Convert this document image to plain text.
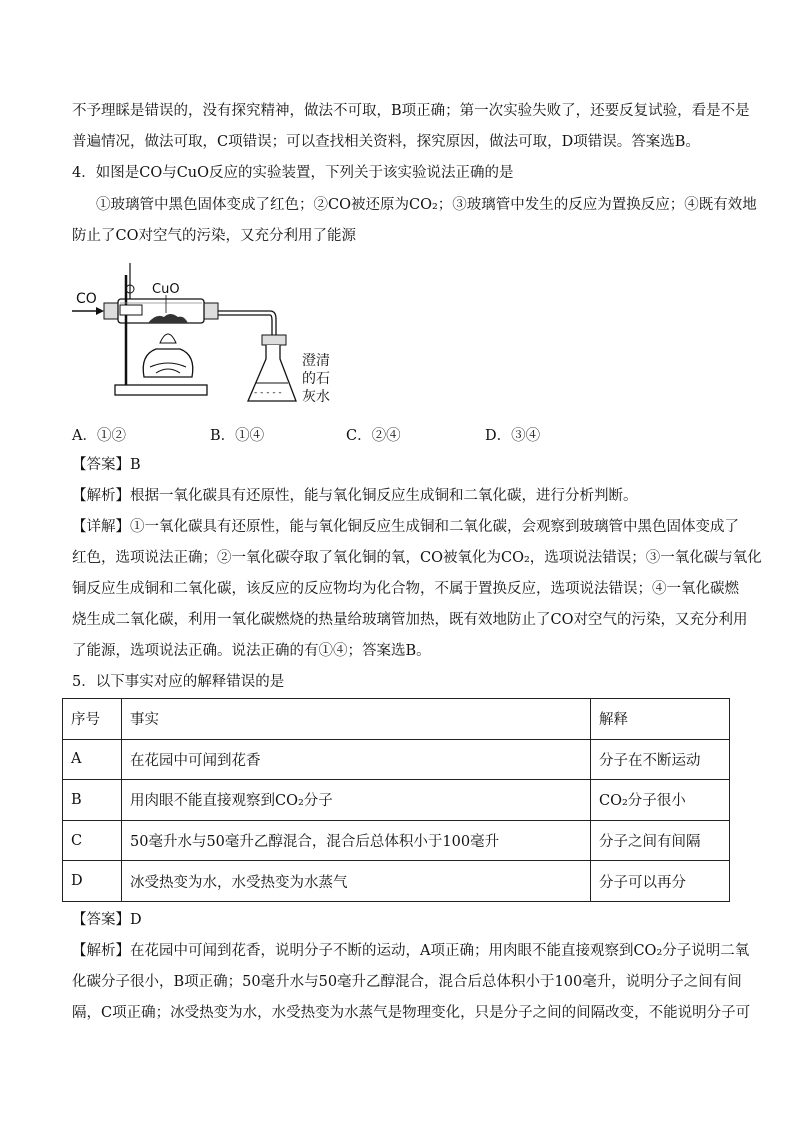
不予理睬是错误的，没有探究精神，做法不可取，B项正确；第一次实验失败了，还要反复试验，看是不是
普遍情况，做法可取，C项错误；可以查找相关资料，探究原因，做法可取，D项错误。答案选B。
4．如图是CO与CuO反应的实验装置，下列关于该实验说法正确的是
①玻璃管中黑色固体变成了红色；②CO被还原为CO₂；③玻璃管中发生的反应为置换反应；④既有效地
防止了CO对空气的污染，又充分利用了能源
CO
CuO
- - - - -
澄清
的石
灰水
A．①②	B．①④	C．②④	D．③④
【答案】B
【解析】根据一氧化碳具有还原性，能与氧化铜反应生成铜和二氧化碳，进行分析判断。
【详解】①一氧化碳具有还原性，能与氧化铜反应生成铜和二氧化碳，会观察到玻璃管中黑色固体变成了
红色，选项说法正确；②一氧化碳夺取了氧化铜的氧，CO被氧化为CO₂，选项说法错误；③一氧化碳与氧化
铜反应生成铜和二氧化碳，该反应的反应物均为化合物，不属于置换反应，选项说法错误；④一氧化碳燃
烧生成二氧化碳，利用一氧化碳燃烧的热量给玻璃管加热，既有效地防止了CO对空气的污染，又充分利用
了能源，选项说法正确。说法正确的有①④；答案选B。
5．以下事实对应的解释错误的是
序号	事实	解释
A	在花园中可闻到花香	分子在不断运动
B	用肉眼不能直接观察到CO₂分子	CO₂分子很小
C	50毫升水与50毫升乙醇混合，混合后总体积小于100毫升	分子之间有间隔
D	冰受热变为水，水受热变为水蒸气	分子可以再分
【答案】D
【解析】在花园中可闻到花香，说明分子不断的运动，A项正确；用肉眼不能直接观察到CO₂分子说明二氧
化碳分子很小，B项正确；50毫升水与50毫升乙醇混合，混合后总体积小于100毫升，说明分子之间有间
隔，C项正确；冰受热变为水，水受热变为水蒸气是物理变化，只是分子之间的间隔改变，不能说明分子可
